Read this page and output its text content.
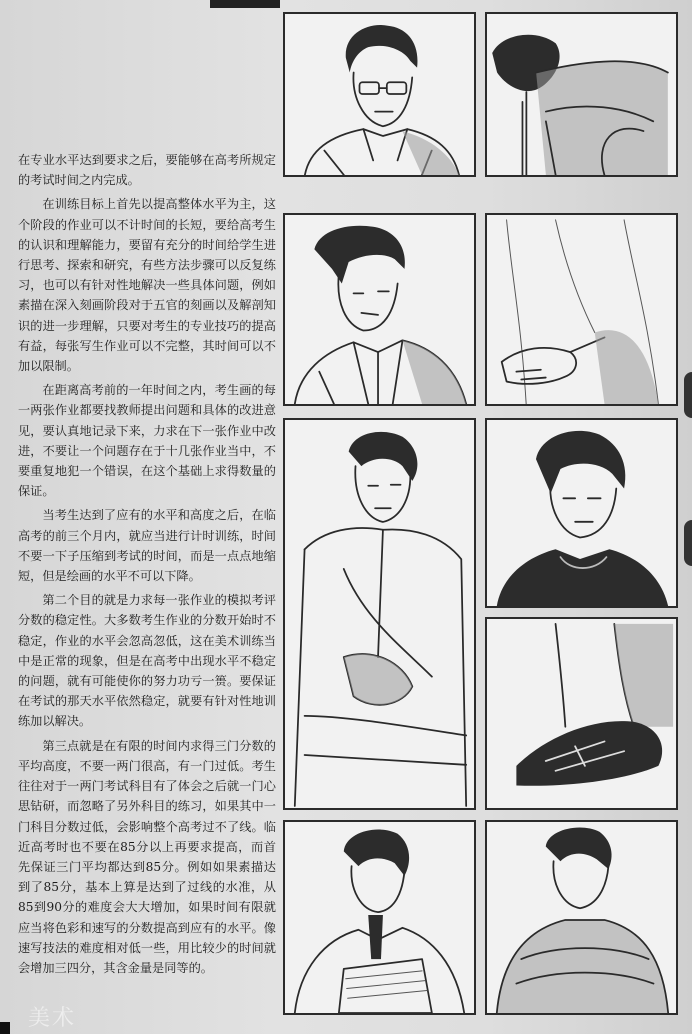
在专业水平达到要求之后，要能够在高考所规定的考试时间之内完成。

在训练目标上首先以提高整体水平为主，这个阶段的作业可以不计时间的长短，要给高考生的认识和理解能力，要留有充分的时间给学生进行思考、探索和研究，有些方法步骤可以反复练习，也可以有针对性地解决一些具体问题，例如素描在深入刻画阶段对于五官的刻画以及解剖知识的进一步理解，只要对考生的专业技巧的提高有益，每张写生作业可以不完整，其时间可以不加以限制。

在距离高考前的一年时间之内，考生画的每一两张作业都要找教师提出问题和具体的改进意见，要认真地记录下来，力求在下一张作业中改进，不要让一个问题存在于十几张作业当中，不要重复地犯一个错误，在这个基础上求得数量的保证。

当考生达到了应有的水平和高度之后，在临高考的前三个月内，就应当进行计时训练，时间不要一下子压缩到考试的时间，而是一点点地缩短，但是绘画的水平不可以下降。

第二个目的就是力求每一张作业的模拟考评分数的稳定性。大多数考生作业的分数开始时不稳定，作业的水平会忽高忽低，这在美术训练当中是正常的现象，但是在高考中出现水平不稳定的问题，就有可能使你的努力功亏一篑。要保证在考试的那天水平依然稳定，就要有针对性地训练加以解决。

第三点就是在有限的时间内求得三门分数的平均高度，不要一两门很高，有一门过低。考生往往对于一两门考试科目有了体会之后就一门心思钻研，而忽略了另外科目的练习，如果其中一门科目分数过低，会影响整个高考过不了线。临近高考时也不要在85分以上再要求提高，而首先保证三门平均都达到85分。例如如果素描达到了85分，基本上算是达到了过线的水准，从85到90分的难度会大大增加，如果时间有限就应当将色彩和速写的分数提高到应有的水平。像速写技法的难度相对低一些，用比较少的时间就会增加三四分，其含金量是同等的。

美术
